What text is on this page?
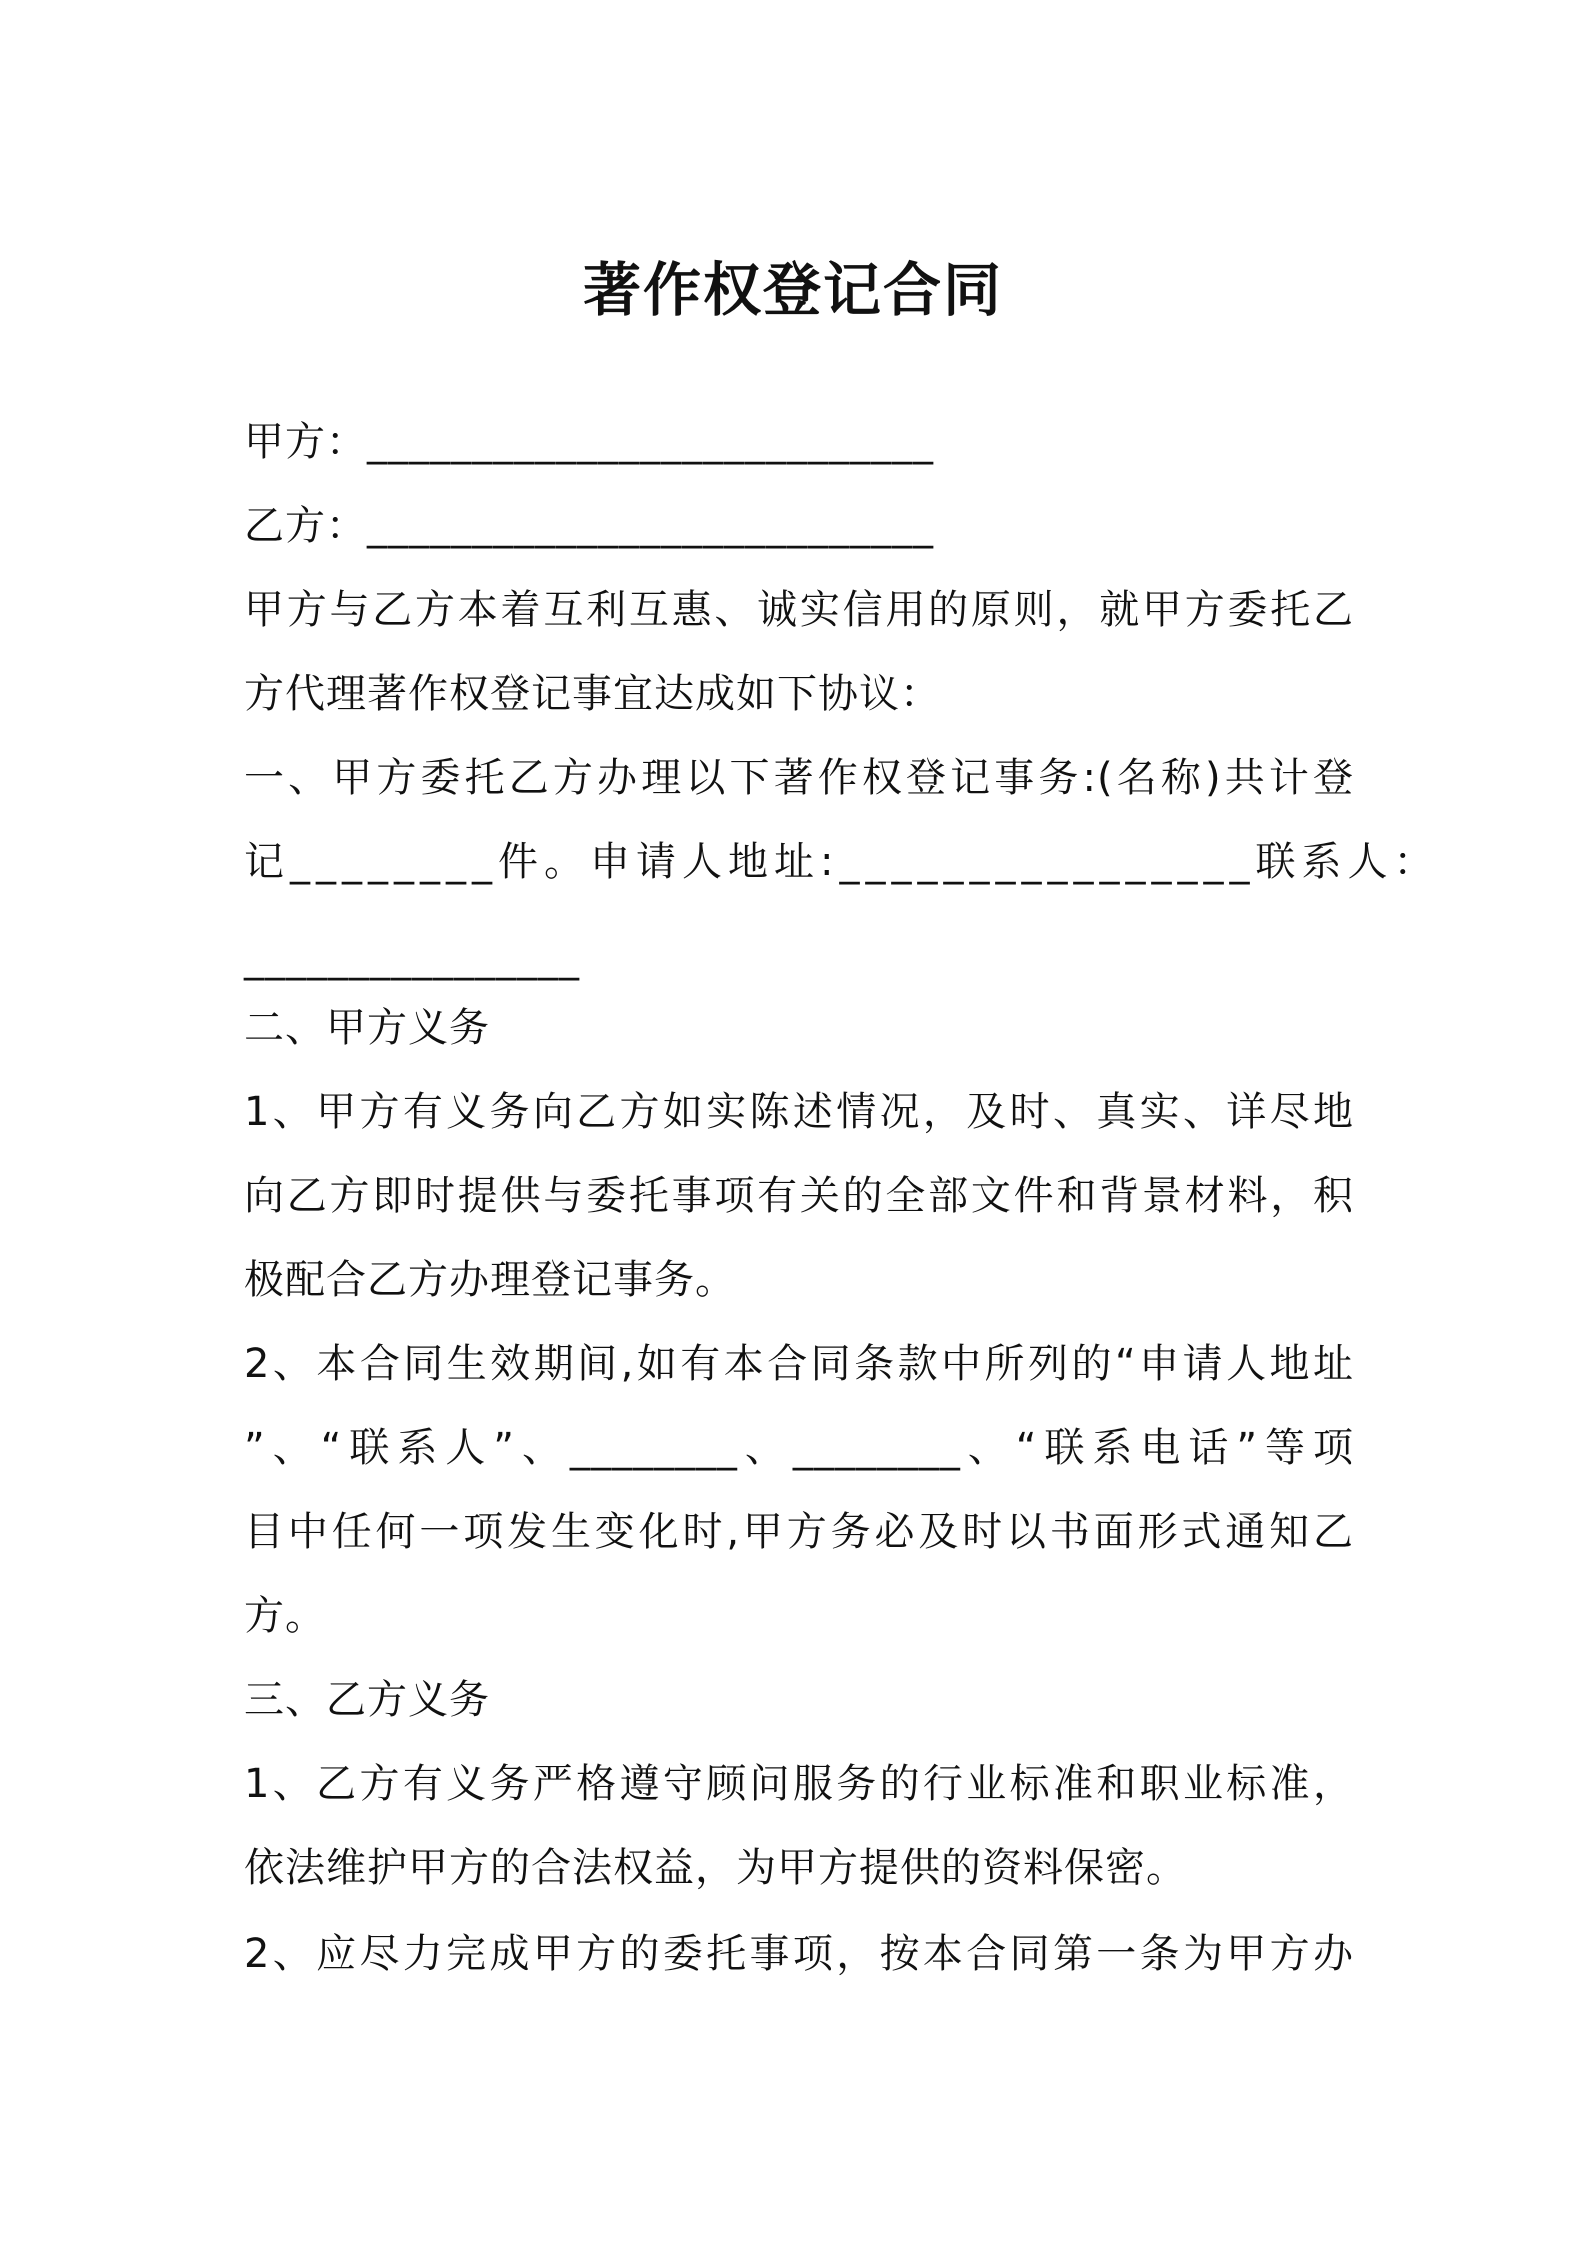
著作权登记合同
甲方：___________________________
乙方：___________________________
甲方与乙方本着互利互惠、诚实信用的原则，就甲方委托乙
方代理著作权登记事宜达成如下协议：
一、甲方委托乙方办理以下著作权登记事务:(名称)共计登
记________件。申请人地址:________________联系人：
________________
二、甲方义务
1、甲方有义务向乙方如实陈述情况，及时、真实、详尽地
向乙方即时提供与委托事项有关的全部文件和背景材料，积
极配合乙方办理登记事务。
2、本合同生效期间,如有本合同条款中所列的“申请人地址
”、“联系人”、________、________、“联系电话”等项
目中任何一项发生变化时,甲方务必及时以书面形式通知乙
方。
三、乙方义务
1、乙方有义务严格遵守顾问服务的行业标准和职业标准，
依法维护甲方的合法权益，为甲方提供的资料保密。
2、应尽力完成甲方的委托事项，按本合同第一条为甲方办
